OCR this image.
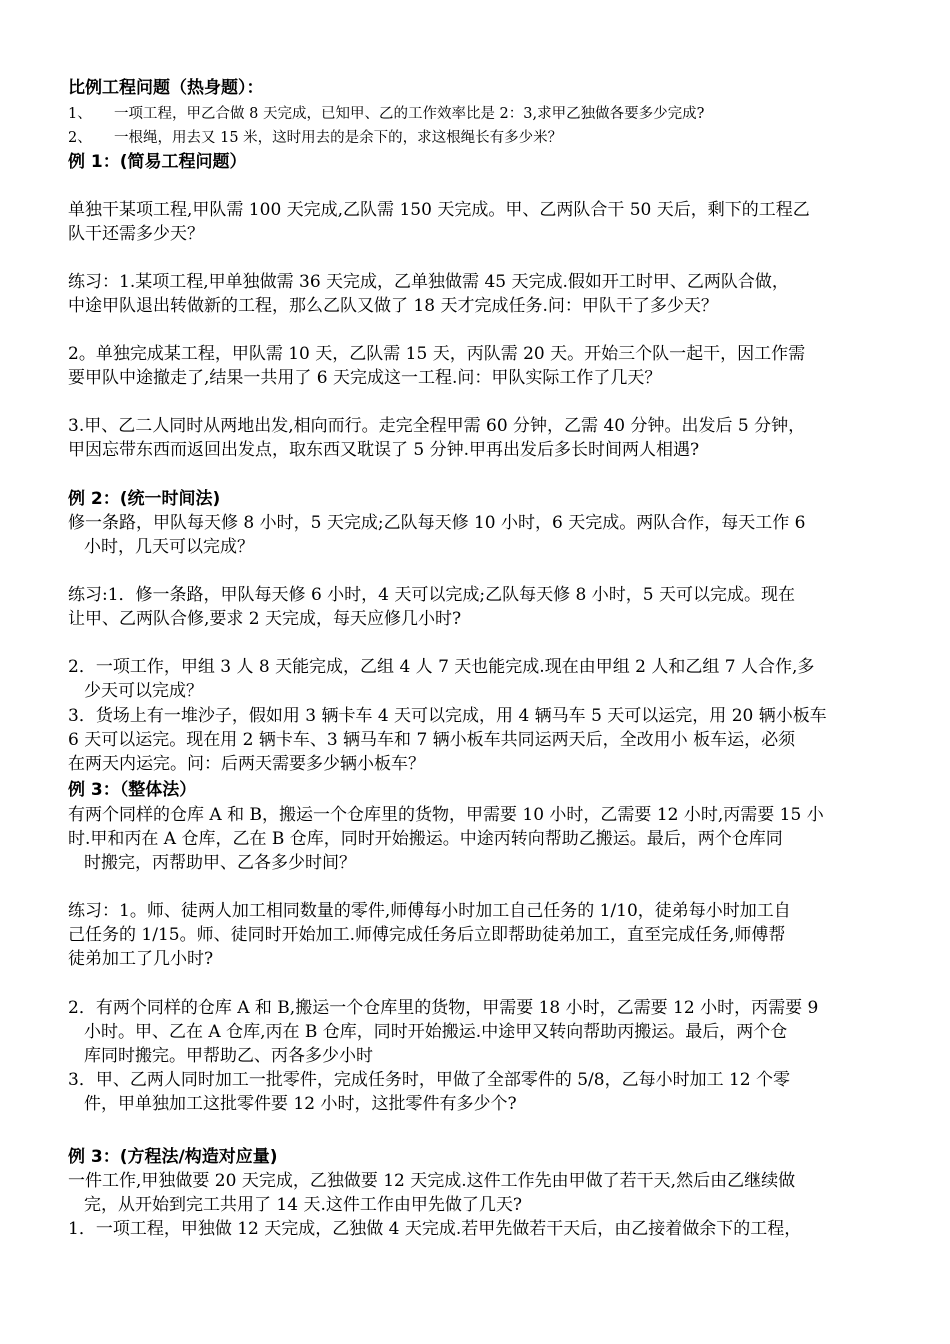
比例工程问题（热身题）：
1、 一项工程，甲乙合做 8 天完成，已知甲、乙的工作效率比是 2：3,求甲乙独做各要多少完成?
2、 一根绳，用去又 15 米，这时用去的是余下的，求这根绳长有多少米？
例 1：(简易工程问题）
单独干某项工程,甲队需 100 天完成,乙队需 150 天完成。甲、乙两队合干 50 天后，剩下的工程乙
队干还需多少天？
练习：1.某项工程,甲单独做需 36 天完成，乙单独做需 45 天完成.假如开工时甲、乙两队合做，
中途甲队退出转做新的工程，那么乙队又做了 18 天才完成任务.问：甲队干了多少天？
2。单独完成某工程，甲队需 10 天，乙队需 15 天，丙队需 20 天。开始三个队一起干，因工作需
要甲队中途撤走了,结果一共用了 6 天完成这一工程.问：甲队实际工作了几天？
3.甲、乙二人同时从两地出发,相向而行。走完全程甲需 60 分钟，乙需 40 分钟。出发后 5 分钟，
甲因忘带东西而返回出发点，取东西又耽误了 5 分钟.甲再出发后多长时间两人相遇?
例 2：(统一时间法)
修一条路，甲队每天修 8 小时，5 天完成;乙队每天修 10 小时，6 天完成。两队合作，每天工作 6
小时，几天可以完成？
练习:1．修一条路，甲队每天修 6 小时，4 天可以完成;乙队每天修 8 小时，5 天可以完成。现在
让甲、乙两队合修,要求 2 天完成，每天应修几小时?
2．一项工作，甲组 3 人 8 天能完成，乙组 4 人 7 天也能完成.现在由甲组 2 人和乙组 7 人合作,多
少天可以完成？
3．货场上有一堆沙子，假如用 3 辆卡车 4 天可以完成，用 4 辆马车 5 天可以运完，用 20 辆小板车
6 天可以运完。现在用 2 辆卡车、3 辆马车和 7 辆小板车共同运两天后，全改用小 板车运，必须
在两天内运完。问：后两天需要多少辆小板车？
例 3：（整体法）
有两个同样的仓库 A 和 B，搬运一个仓库里的货物，甲需要 10 小时，乙需要 12 小时,丙需要 15 小
时.甲和丙在 A 仓库，乙在 B 仓库，同时开始搬运。中途丙转向帮助乙搬运。最后，两个仓库同
时搬完，丙帮助甲、乙各多少时间？
练习：1。师、徒两人加工相同数量的零件,师傅每小时加工自己任务的 1/10，徒弟每小时加工自
己任务的 1/15。师、徒同时开始加工.师傅完成任务后立即帮助徒弟加工，直至完成任务,师傅帮
徒弟加工了几小时?
2．有两个同样的仓库 A 和 B,搬运一个仓库里的货物，甲需要 18 小时，乙需要 12 小时，丙需要 9
小时。甲、乙在 A 仓库,丙在 B 仓库，同时开始搬运.中途甲又转向帮助丙搬运。最后，两个仓
库同时搬完。甲帮助乙、丙各多少小时
3．甲、乙两人同时加工一批零件，完成任务时，甲做了全部零件的 5/8，乙每小时加工 12 个零
件，甲单独加工这批零件要 12 小时，这批零件有多少个?
例 3：(方程法/构造对应量)
一件工作,甲独做要 20 天完成，乙独做要 12 天完成.这件工作先由甲做了若干天,然后由乙继续做
完，从开始到完工共用了 14 天.这件工作由甲先做了几天?
1．一项工程，甲独做 12 天完成，乙独做 4 天完成.若甲先做若干天后，由乙接着做余下的工程，
